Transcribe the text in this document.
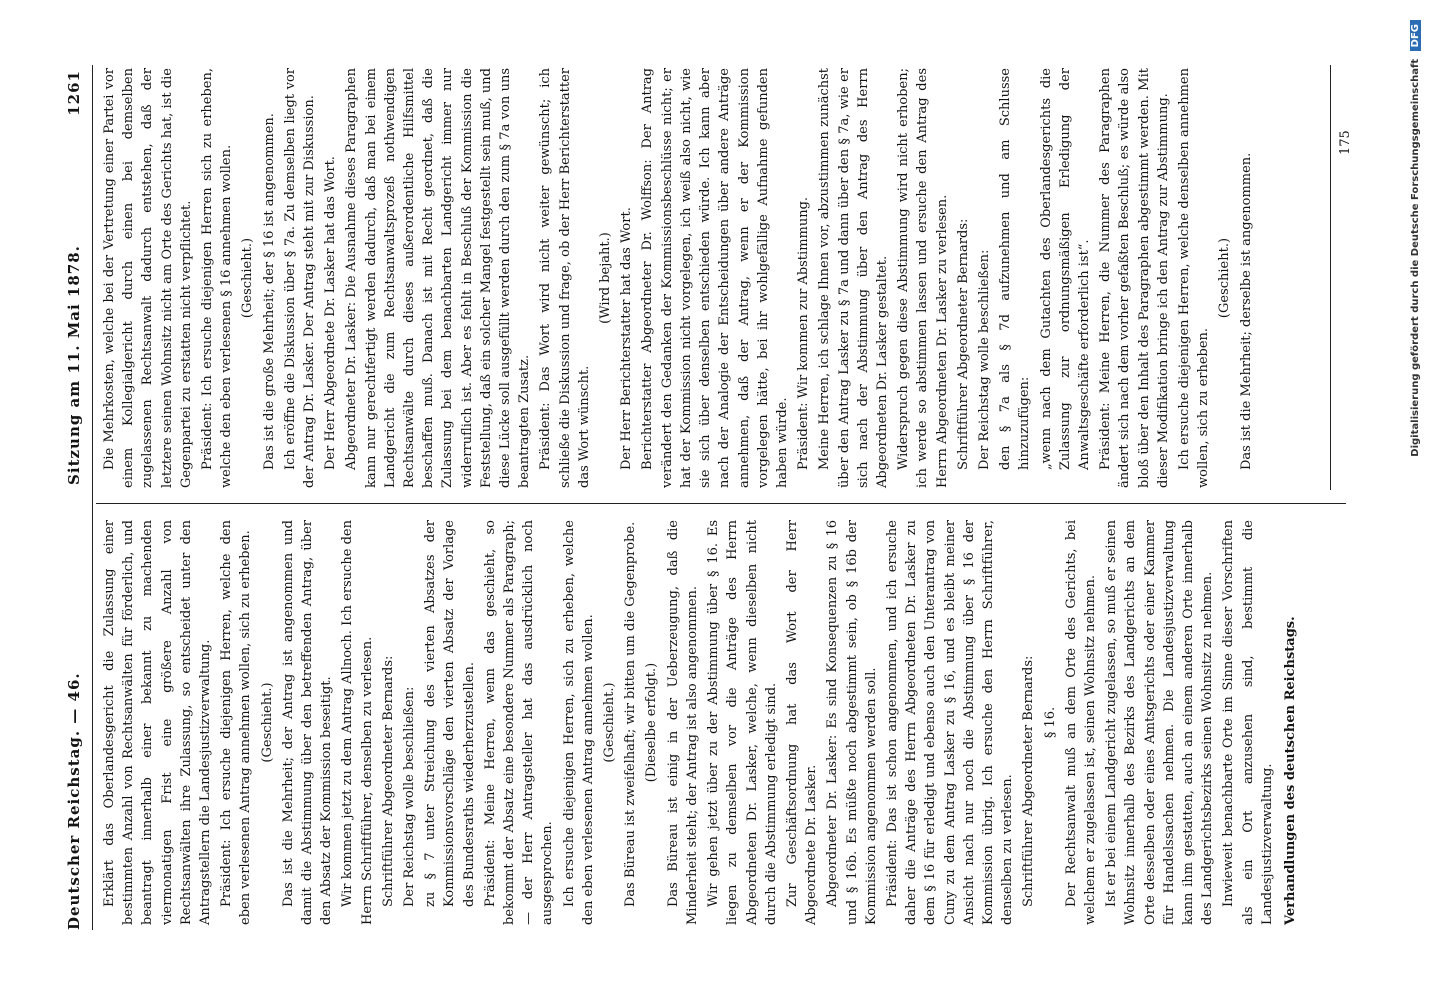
Deutscher Reichstag. — 46.
Sitzung am 11. Mai 1878.
1261

Erklärt das Oberlandesgericht die Zulassung einer bestimmten Anzahl von Rechtsanwälten für förderlich, und beantragt innerhalb einer bekannt zu machenden viermonatigen Frist eine größere Anzahl von Rechtsanwälten ihre Zulassung, so entscheidet unter den Antragstellern die Landesjustizverwaltung. Präsident: Ich ersuche diejenigen Herren, welche den eben verlesenen Antrag annehmen wollen, sich zu erheben. (Geschieht.) Das ist die Mehrheit; der Antrag ist angenommen und damit die Abstimmung über den betreffenden Antrag, über den Absatz der Kommission beseitigt. Wir kommen jetzt zu dem Antrag Allnoch. Ich ersuche den Herrn Schriftführer, denselben zu verlesen. Schriftführer Abgeordneter Bernards: Der Reichstag wolle beschließen: zu § 7 unter Streichung des vierten Absatzes der Kommissionsvorschläge den vierten Absatz der Vorlage des Bundesraths wiederherzustellen. Präsident: Meine Herren, wenn das geschieht, so bekommt der Absatz eine besondere Nummer als Paragraph; — der Herr Antragsteller hat das ausdrücklich noch ausgesprochen. Ich ersuche diejenigen Herren, sich zu erheben, welche den eben verlesenen Antrag annehmen wollen. (Geschieht.) Das Büreau ist zweifelhaft; wir bitten um die Gegenprobe. (Dieselbe erfolgt.) Das Büreau ist einig in der Ueberzeugung, daß die Minderheit steht; der Antrag ist also angenommen. Wir gehen jetzt über zu der Abstimmung über § 16. Es liegen zu demselben vor die Anträge des Herrn Abgeordneten Dr. Lasker, welche, wenn dieselben nicht durch die Abstimmung erledigt sind. Zur Geschäftsordnung hat das Wort der Herr Abgeordnete Dr. Lasker. Abgeordneter Dr. Lasker: Es sind Konsequenzen zu § 16 und § 16b. Es müßte noch abgestimmt sein, ob § 16b der Kommission angenommen werden soll. Präsident: Das ist schon angenommen, und ich ersuche daher die Anträge des Herrn Abgeordneten Dr. Lasker zu dem § 16 für erledigt und ebenso auch den Unterantrag von Cuny zu dem Antrag Lasker zu § 16, und es bleibt meiner Ansicht nach nur noch die Abstimmung über § 16 der Kommission übrig. Ich ersuche den Herrn Schriftführer, denselben zu verlesen. Schriftführer Abgeordneter Bernards: § 16. Der Rechtsanwalt muß an dem Orte des Gerichts, bei welchem er zugelassen ist, seinen Wohnsitz nehmen. Ist er bei einem Landgericht zugelassen, so muß er seinen Wohnsitz innerhalb des Bezirks des Landgerichts an dem Orte desselben oder eines Amtsgerichts oder einer Kammer für Handelssachen nehmen. Die Landesjustizverwaltung kann ihm gestatten, auch an einem anderen Orte innerhalb des Landgerichtsbezirks seinen Wohnsitz zu nehmen. Inwieweit benachbarte Orte im Sinne dieser Vorschriften als ein Ort anzusehen sind, bestimmt die Landesjustizverwaltung. Verhandlungen des deutschen Reichstags.

Die Mehrkosten, welche bei der Vertretung einer Partei vor einem Kollegialgericht durch einen bei demselben zugelassenen Rechtsanwalt dadurch entstehen, daß der letztere seinen Wohnsitz nicht am Orte des Gerichts hat, ist die Gegenpartei zu erstatten nicht verpflichtet. Präsident: Ich ersuche diejenigen Herren sich zu erheben, welche den eben verlesenen § 16 annehmen wollen. (Geschieht.) Das ist die große Mehrheit; der § 16 ist angenommen. Ich eröffne die Diskussion über § 7a. Zu demselben liegt vor der Antrag Dr. Lasker. Der Antrag steht mit zur Diskussion. Der Herr Abgeordnete Dr. Lasker hat das Wort. Abgeordneter Dr. Lasker: Die Ausnahme dieses Paragraphen kann nur gerechtfertigt werden dadurch, daß man bei einem Landgericht die zum Rechtsanwaltsprozeß nothwendigen Rechtsanwälte durch dieses außerordentliche Hilfsmittel beschaffen muß. Danach ist mit Recht geordnet, daß die Zulassung bei dem benachbarten Landgericht immer nur widerruflich ist. Aber es fehlt in Beschluß der Kommission die Feststellung, daß ein solcher Mangel festgestellt sein muß, und diese Lücke soll ausgefüllt werden durch den zum § 7a von uns beantragten Zusatz. Präsident: Das Wort wird nicht weiter gewünscht; ich schließe die Diskussion und frage, ob der Herr Berichterstatter das Wort wünscht.

(Wird bejaht.) Der Herr Berichterstatter hat das Wort. Berichterstatter Abgeordneter Dr. Wolffson: Der Antrag verändert den Gedanken der Kommissionsbeschlüsse nicht; er hat der Kommission nicht vorgelegen, ich weiß also nicht, wie sie sich über denselben entschieden würde. Ich kann aber nach der Analogie der Entscheidungen über andere Anträge annehmen, daß der Antrag, wenn er der Kommission vorgelegen hätte, bei ihr wohlgefällige Aufnahme gefunden haben würde. Präsident: Wir kommen zur Abstimmung. Meine Herren, ich schlage Ihnen vor, abzustimmen zunächst über den Antrag Lasker zu § 7a und dann über den § 7a, wie er sich nach der Abstimmung über den Antrag des Herrn Abgeordneten Dr. Lasker gestaltet. Widerspruch gegen diese Abstimmung wird nicht erhoben; ich werde so abstimmen lassen und ersuche den Antrag des Herrn Abgeordneten Dr. Lasker zu verlesen. Schriftführer Abgeordneter Bernards: Der Reichstag wolle beschließen: den § 7a als § 7d aufzunehmen und am Schlusse hinzuzufügen: „wenn nach dem Gutachten des Oberlandesgerichts die Zulassung zur ordnungsmäßigen Erledigung der Anwaltsgeschäfte erforderlich ist“. Präsident: Meine Herren, die Nummer des Paragraphen ändert sich nach dem vorher gefaßten Beschluß; es würde also bloß über den Inhalt des Paragraphen abgestimmt werden. Mit dieser Modifikation bringe ich den Antrag zur Abstimmung. Ich ersuche diejenigen Herren, welche denselben annehmen wollen, sich zu erheben.

(Geschieht.) Das ist die Mehrheit; derselbe ist angenommen.

175	Digitalisierung gefördert durch die Deutsche Forschungsgemeinschaft DFG
